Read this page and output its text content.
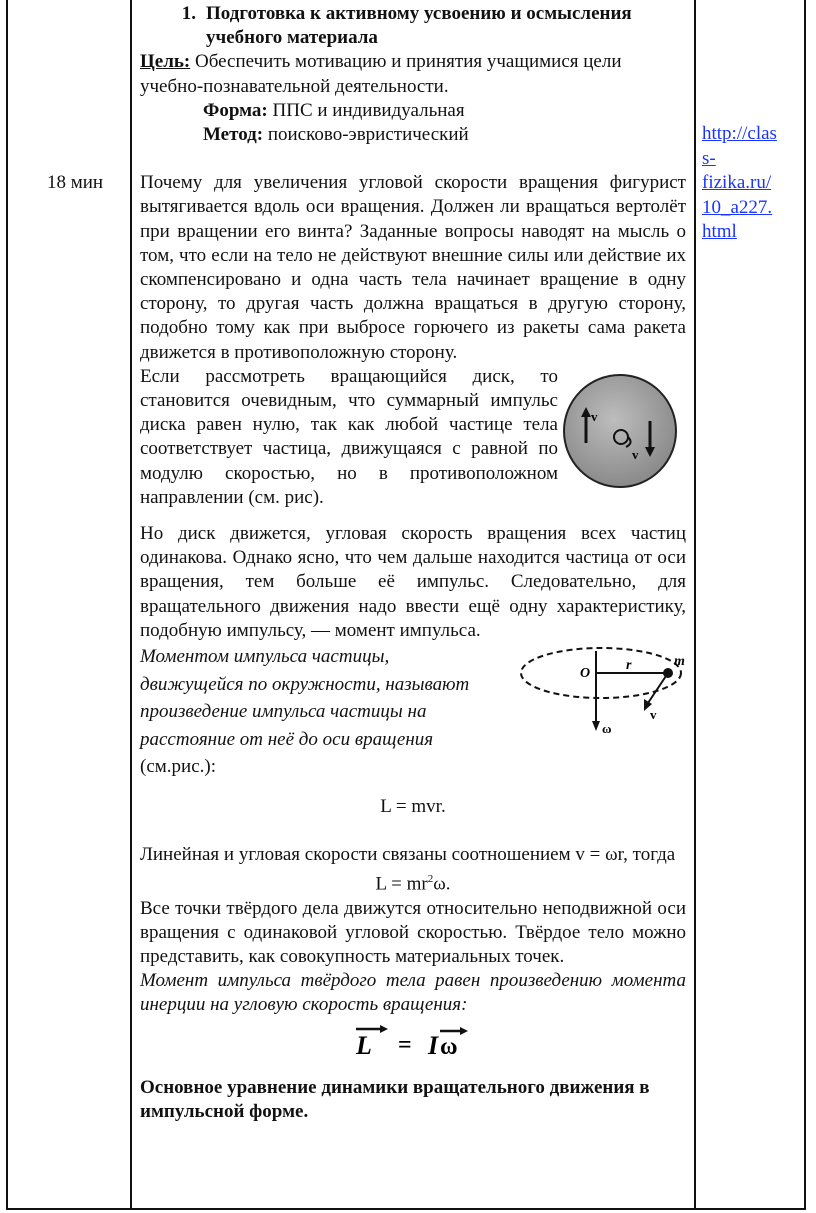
18 мин
http://clas
s-
fizika.ru/
10_a227.
html
1. Подготовка к активному усвоению и осмысления
учебного материала

Цель: Обеспечить мотивацию и принятия учащимися цели учебно-познавательной деятельности.

Форма: ППС и индивидуальная

Метод: поисково-эвристический

Почему для увеличения угловой скорости вращения фигурист вытягивается вдоль оси вращения. Должен ли вращаться вертолёт при вращении его винта? Заданные вопросы наводят на мысль о том, что если на тело не действуют внешние силы или действие их скомпенсировано и одна часть тела начинает вращение в одну сторону, то другая часть должна вращаться в другую сторону, подобно тому как при выбросе горючего из ракеты сама ракета движется в противоположную сторону.

v
v

Если рассмотреть вращающийся диск, то становится очевидным, что суммарный импульс диска равен нулю, так как любой частице тела соответствует частица, движущаяся с равной по модулю скоростью, но в противоположном направлении (см. рис).

Но диск движется, угловая скорость вращения всех частиц одинакова. Однако ясно, что чем дальше находится частица от оси вращения, тем больше её импульс. Следовательно, для вращательного движения надо ввести ещё одну характеристику, подобную импульсу, — момент импульса.

O
r	m
v
ω
Моментом импульса частицы,
движущейся по окружности, называют
произведение импульса частицы на
расстояние от неё до оси вращения

(см.рис.):

L = mvr.

Линейная и угловая скорости связаны соотношением v = ωr, тогда

$L = mr^2\omega$.

Все точки твёрдого дела движутся относительно неподвижной оси вращения с одинаковой угловой скоростью. Твёрдое тело можно представить, как совокупность материальных точек.

Момент импульса твёрдого тела равен произведению момента инерции на угловую скорость вращения:

L = I ω

Основное уравнение динамики вращательного движения в импульсной форме.
